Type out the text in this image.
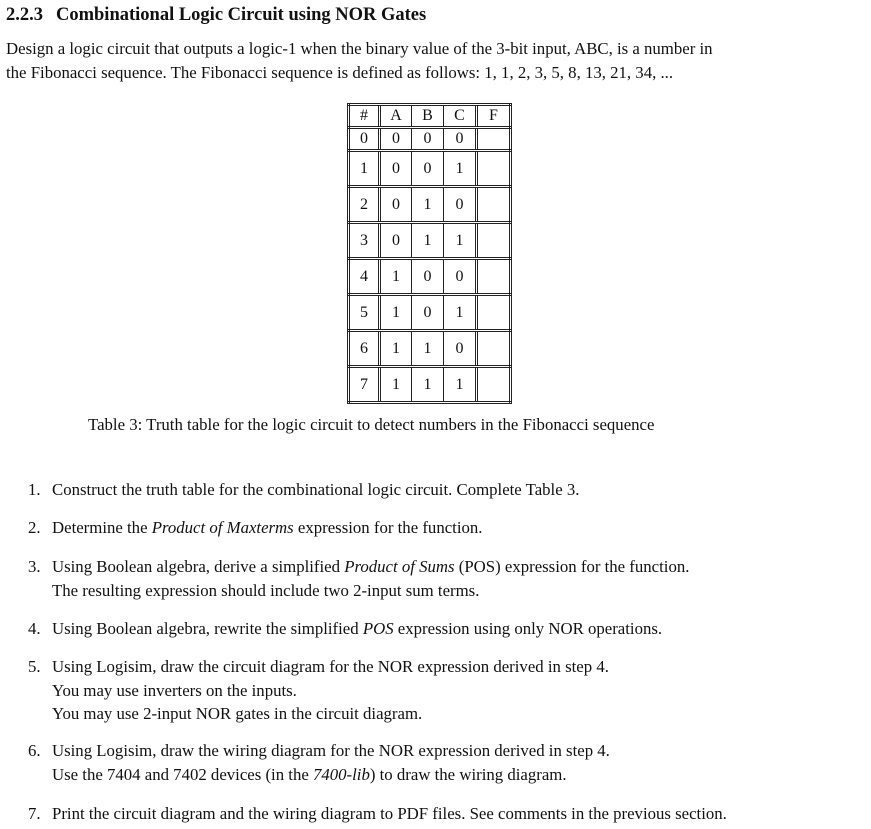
2.2.3 Combinational Logic Circuit using NOR Gates

Design a logic circuit that outputs a logic-1 when the binary value of the 3-bit input, ABC, is a number in
the Fibonacci sequence. The Fibonacci sequence is defined as follows: 1, 1, 2, 3, 5, 8, 13, 21, 34, ...

#	A	B	C	F
0	0	0	0	
1	0	0	1	
2	0	1	0	
3	0	1	1	
4	1	0	0	
5	1	0	1	
6	1	1	0	
7	1	1	1	
Table 3: Truth table for the logic circuit to detect numbers in the Fibonacci sequence
1. Construct the truth table for the combinational logic circuit. Complete Table 3.
2. Determine the Product of Maxterms expression for the function.
3. Using Boolean algebra, derive a simplified Product of Sums (POS) expression for the function.
The resulting expression should include two 2-input sum terms.
4. Using Boolean algebra, rewrite the simplified POS expression using only NOR operations.
5. Using Logisim, draw the circuit diagram for the NOR expression derived in step 4.
You may use inverters on the inputs.
You may use 2-input NOR gates in the circuit diagram.
6. Using Logisim, draw the wiring diagram for the NOR expression derived in step 4.
Use the 7404 and 7402 devices (in the 7400-lib) to draw the wiring diagram.
7. Print the circuit diagram and the wiring diagram to PDF files. See comments in the previous section.
